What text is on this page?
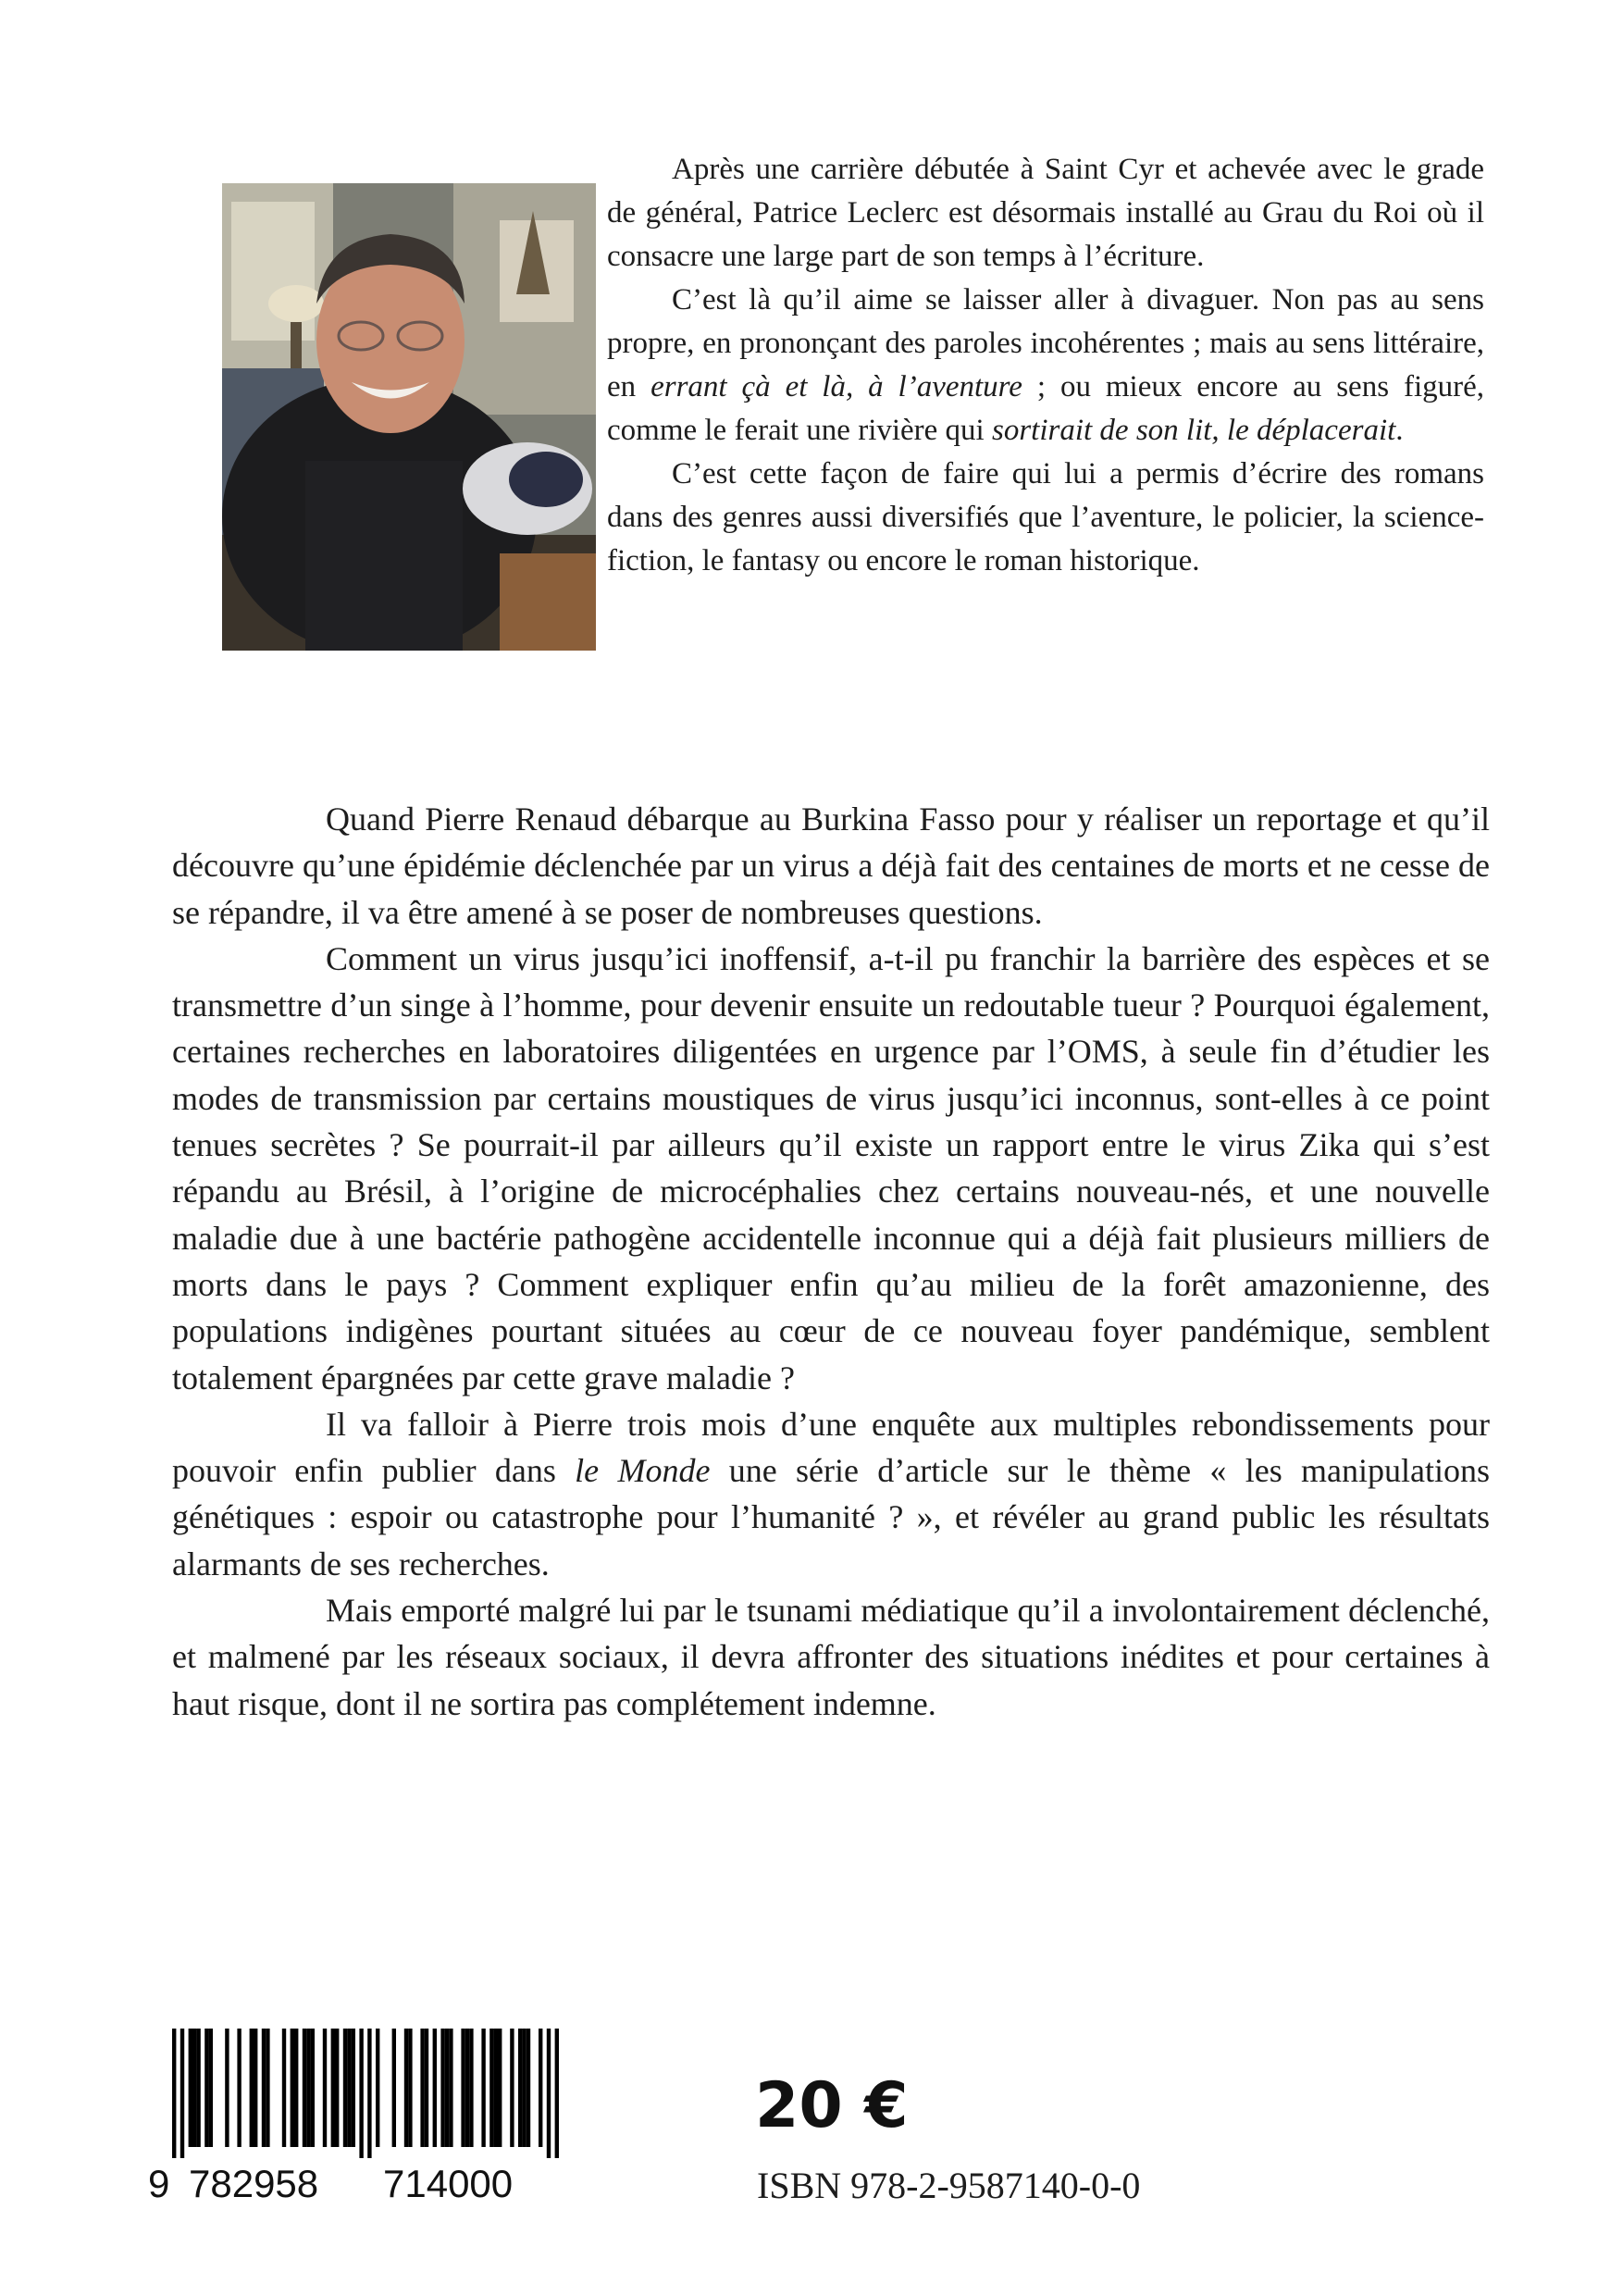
Après une carrière débutée à Saint Cyr et achevée avec le grade de général, Patrice Leclerc est désormais installé au Grau du Roi où il consacre une large part de son temps à l’écriture.

C’est là qu’il aime se laisser aller à divaguer. Non pas au sens propre, en prononçant des paroles incohérentes ; mais au sens littéraire, en errant çà et là, à l’aventure ; ou mieux encore au sens figuré, comme le ferait une rivière qui sortirait de son lit, le déplacerait.

C’est cette façon de faire qui lui a permis d’écrire des romans dans des genres aussi diversifiés que l’aventure, le policier, la science-fiction, le fantasy ou encore le roman historique.

Quand Pierre Renaud débarque au Burkina Fasso pour y réaliser un reportage et qu’il découvre qu’une épidémie déclenchée par un virus a déjà fait des centaines de morts et ne cesse de se répandre, il va être amené à se poser de nombreuses questions.

Comment un virus jusqu’ici inoffensif, a-t-il pu franchir la barrière des espèces et se transmettre d’un singe à l’homme, pour devenir ensuite un redoutable tueur ? Pourquoi également, certaines recherches en laboratoires diligentées en urgence par l’OMS, à seule fin d’étudier les modes de transmission par certains moustiques de virus jusqu’ici inconnus, sont-elles à ce point tenues secrètes ? Se pourrait-il par ailleurs qu’il existe un rapport entre le virus Zika qui s’est répandu au Brésil, à l’origine de microcéphalies chez certains nouveau-nés, et une nouvelle maladie due à une bactérie pathogène accidentelle inconnue qui a déjà fait plusieurs milliers de morts dans le pays ? Comment expliquer enfin qu’au milieu de la forêt amazonienne, des populations indigènes pourtant situées au cœur de ce nouveau foyer pandémique, semblent totalement épargnées par cette grave maladie ?

Il va falloir à Pierre trois mois d’une enquête aux multiples rebondissements pour pouvoir enfin publier dans le Monde une série d’article sur le thème « les manipulations génétiques : espoir ou catastrophe pour l’humanité ? », et révéler au grand public les résultats alarmants de ses recherches.

Mais emporté malgré lui par le tsunami médiatique qu’il a involontairement déclenché, et malmené par les réseaux sociaux, il devra affronter des situations inédites et pour certaines à haut risque, dont il ne sortira pas complétement indemne.

9 782958 714000
20 €
ISBN 978-2-9587140-0-0
